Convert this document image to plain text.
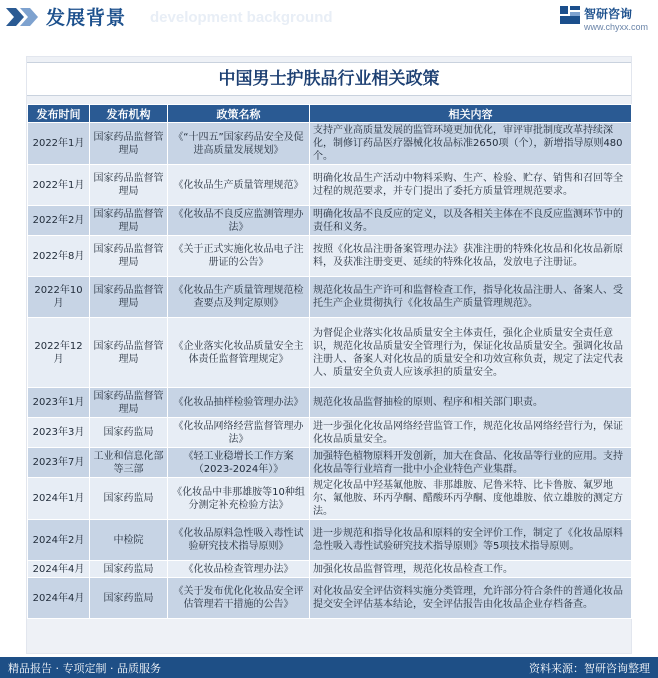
development background
发展背景	智研咨询
www.chyxx.com
中国男士护肤品行业相关政策
发布时间	发布机构	政策名称	相关内容
2022年1月	国家药品监督管理局	《“十四五”国家药品安全及促进高质量发展规划》	支持产业高质量发展的监管环境更加优化，审评审批制度改革持续深化，制修订药品医疗器械化妆品标准2650项（个），新增指导原则480个。
2022年1月	国家药品监督管理局	《化妆品生产质量管理规范》	明确化妆品生产活动中物料采购、生产、检验、贮存、销售和召回等全过程的规范要求，并专门提出了委托方质量管理规范要求。
2022年2月	国家药品监督管理局	《化妆品不良反应监测管理办法》	明确化妆品不良反应的定义，以及各相关主体在不良反应监测环节中的责任和义务。
2022年8月	国家药品监督管理局	《关于正式实施化妆品电子注册证的公告》	按照《化妆品注册备案管理办法》获准注册的特殊化妆品和化妆品新原料，及获准注册变更、延续的特殊化妆品，发放电子注册证。
2022年10月	国家药品监督管理局	《化妆品生产质量管理规范检查要点及判定原则》	规范化妆品生产许可和监督检查工作，指导化妆品注册人、备案人、受托生产企业贯彻执行《化妆品生产质量管理规范》。
2022年12月	国家药品监督管理局	《企业落实化妆品质量安全主体责任监督管理规定》	为督促企业落实化妆品质量安全主体责任，强化企业质量安全责任意识，规范化妆品质量安全管理行为，保证化妆品质量安全。强调化妆品注册人、备案人对化妆品的质量安全和功效宣称负责，规定了法定代表人、质量安全负责人应该承担的质量安全。
2023年1月	国家药品监督管理局	《化妆品抽样检验管理办法》	规范化妆品监督抽检的原则、程序和相关部门职责。
2023年3月	国家药监局	《化妆品网络经营监督管理办法》	进一步强化化妆品网络经营监管工作，规范化妆品网络经营行为，保证化妆品质量安全。
2023年7月	工业和信息化部等三部	《轻工业稳增长工作方案（2023-2024年）》	加强特色植物原料开发创新，加大在食品、化妆品等行业的应用。支持化妆品等行业培育一批中小企业特色产业集群。
2024年1月	国家药监局	《化妆品中非那雄胺等10种组分测定补充检验方法》	规定化妆品中羟基氟他胺、非那雄胺、尼鲁米特、比卡鲁胺、氟罗地尔、氟他胺、环丙孕酮、醋酸环丙孕酮、度他雄胺、依立雄胺的测定方法。
2024年2月	中检院	《化妆品原料急性吸入毒性试验研究技术指导原则》	进一步规范和指导化妆品和原料的安全评价工作，制定了《化妆品原料急性吸入毒性试验研究技术指导原则》等5项技术指导原则。
2024年4月	国家药监局	《化妆品检查管理办法》	加强化妆品监督管理，规范化妆品检查工作。
2024年4月	国家药监局	《关于发布优化化妆品安全评估管理若干措施的公告》	对化妆品安全评估资料实施分类管理，允许部分符合条件的普通化妆品提交安全评估基本结论，安全评估报告由化妆品企业存档备查。
精品报告 · 专项定制 · 品质服务	资料来源：智研咨询整理
